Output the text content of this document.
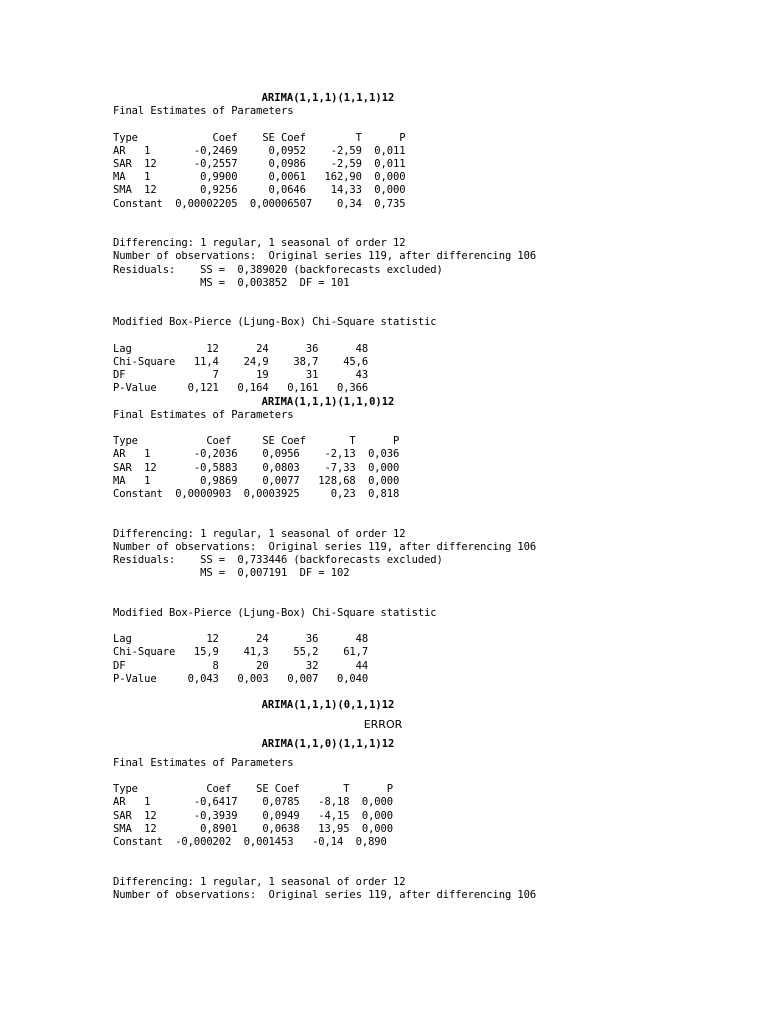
ARIMA(1,1,1)(1,1,1)12
Final Estimates of Parameters
Type            Coef    SE Coef        T      P
AR   1       -0,2469     0,0952    -2,59  0,011
SAR  12      -0,2557     0,0986    -2,59  0,011
MA   1        0,9900     0,0061   162,90  0,000
SMA  12       0,9256     0,0646    14,33  0,000
Constant  0,00002205  0,00006507    0,34  0,735
Differencing: 1 regular, 1 seasonal of order 12
Number of observations:  Original series 119, after differencing 106
Residuals:    SS =  0,389020 (backforecasts excluded)
MS =  0,003852  DF = 101
Modified Box-Pierce (Ljung-Box) Chi-Square statistic
Lag            12      24      36      48
Chi-Square   11,4    24,9    38,7    45,6
DF              7      19      31      43
P-Value     0,121   0,164   0,161   0,366
ARIMA(1,1,1)(1,1,0)12
Final Estimates of Parameters
Type           Coef     SE Coef       T      P
AR   1       -0,2036    0,0956    -2,13  0,036
SAR  12      -0,5883    0,0803    -7,33  0,000
MA   1        0,9869    0,0077   128,68  0,000
Constant  0,0000903  0,0003925     0,23  0,818
Differencing: 1 regular, 1 seasonal of order 12
Number of observations:  Original series 119, after differencing 106
Residuals:    SS =  0,733446 (backforecasts excluded)
MS =  0,007191  DF = 102
Modified Box-Pierce (Ljung-Box) Chi-Square statistic
Lag            12      24      36      48
Chi-Square   15,9    41,3    55,2    61,7
DF              8      20      32      44
P-Value     0,043   0,003   0,007   0,040
ARIMA(1,1,1)(0,1,1)12
ERROR
ARIMA(1,1,0)(1,1,1)12
Final Estimates of Parameters
Type           Coef    SE Coef       T      P
AR   1       -0,6417    0,0785   -8,18  0,000
SAR  12      -0,3939    0,0949   -4,15  0,000
SMA  12       0,8901    0,0638   13,95  0,000
Constant  -0,000202  0,001453   -0,14  0,890
Differencing: 1 regular, 1 seasonal of order 12
Number of observations:  Original series 119, after differencing 106
